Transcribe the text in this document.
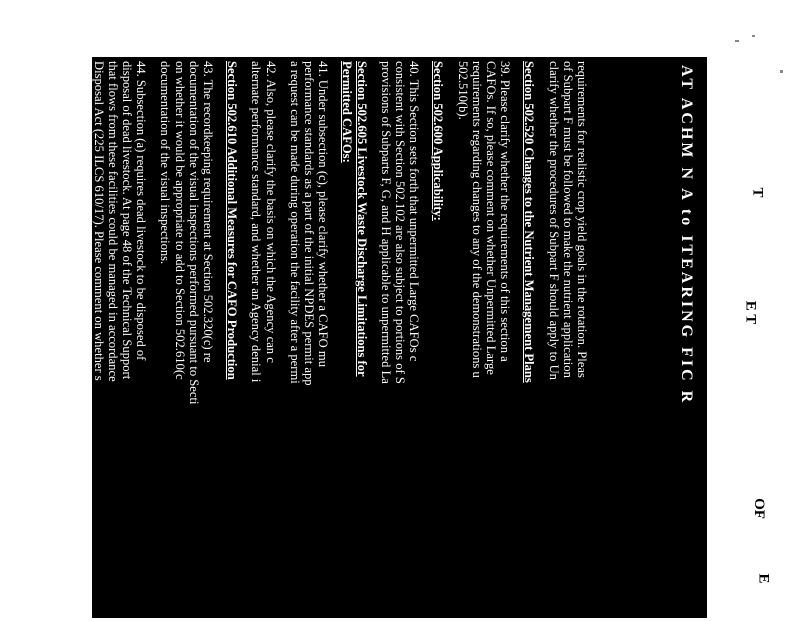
AT ACHM N A to ITEARING FIC R
requirements for realistic crop yield goals in the rotation. Pleas
of Subpart F must be followed to make the nutrient application
clarify whether the procedures of Subpart F should apply to Un
Section 502.520 Changes to the Nutrient Management Plans
39. Please clarify whether the requirements of this section a
CAFOs. If so, please comment on whether Unpermitted Large
requirements regarding changes to any of the demonstrations u
502.510(b).
Section 502.600 Applicability:
40. This Section sets forth that unpermitted Large CAFOs c
consistent with Section 502.102 are also subject to portions of S
provisions of Subparts F, G, and H applicable to unpermitted La
Section 502.605 Livestock Waste Discharge Limitations for
Permitted CAFOs:
41. Under subsection (c), please clarify whether a CAFO mu
performance standards as a part of the initial NPDES permit app
a request can be made during operation the facility after a permi
42. Also, please clarify the basis on which the Agency can c
alternate performance standard, and whether an Agency denial i
Section 502.610 Additional Measures for CAFO Production
43. The recordkeeping requirement at Section 502.320(c) re
documentation of the visual inspections performed pursuant to Secti
on whether it would be appropriate to add to Section 502.610(c
documentation of the visual inspections.
44. Subsection (a) requires dead livestock to be disposed of
disposal of dead livestock. At page 48 of the Technical Support
that flows from these facilities could be managed in accordance
Disposal Act (225 ILCS 610/17). Please comment on whether s
to require disposal of dead livestock and flows from facilities us
livestock to be managed in accordance with the Dead Animal D
Section 502.615 Nutrient transport Potential:
45. Please clarify whether "[s]oil test phosphorus" at subsec
phosphorus content. If it does not, please explain what that facto	T
E T
OF
E
7
